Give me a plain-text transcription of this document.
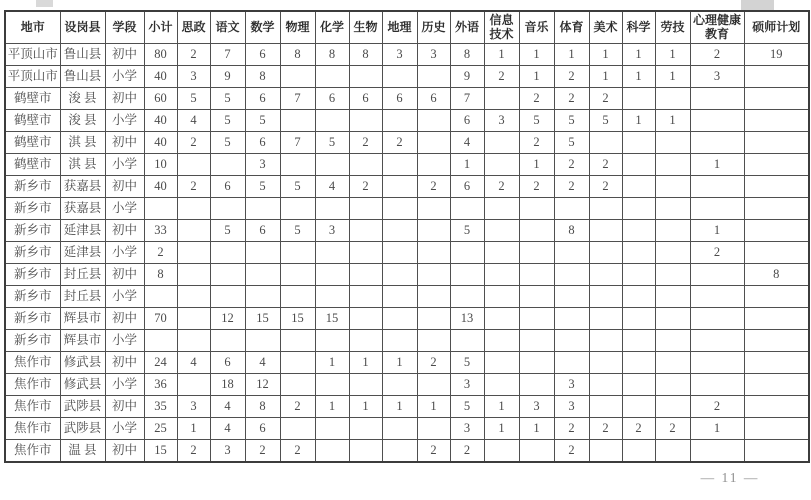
地市	设岗县	学段	小计	思政	语文	数学	物理	化学	生物	地理	历史	外语	信息技术	音乐	体育	美术	科学	劳技	心理健康教育	硕师计划
平顶山市	鲁山县	初中	80	2	7	6	8	8	8	3	3	8	1	1	1	1	1	1	2	19
平顶山市	鲁山县	小学	40	3	9	8						9	2	1	2	1	1	1	3	
鹤壁市	浚 县	初中	60	5	5	6	7	6	6	6	6	7		2	2	2				
鹤壁市	浚 县	小学	40	4	5	5						6	3	5	5	5	1	1		
鹤壁市	淇 县	初中	40	2	5	6	7	5	2	2		4		2	5					
鹤壁市	淇 县	小学	10			3						1		1	2	2			1	
新乡市	获嘉县	初中	40	2	6	5	5	4	2		2	6	2	2	2	2				
新乡市	获嘉县	小学																		
新乡市	延津县	初中	33		5	6	5	3				5			8				1	
新乡市	延津县	小学	2																2	
新乡市	封丘县	初中	8																	8
新乡市	封丘县	小学																		
新乡市	辉县市	初中	70		12	15	15	15				13								
新乡市	辉县市	小学																		
焦作市	修武县	初中	24	4	6	4		1	1	1	2	5								
焦作市	修武县	小学	36		18	12						3			3					
焦作市	武陟县	初中	35	3	4	8	2	1	1	1	1	5	1	3	3				2	
焦作市	武陟县	小学	25	1	4	6						3	1	1	2	2	2	2	1	
焦作市	温 县	初中	15	2	3	2	2				2	2			2					
— 11 —
